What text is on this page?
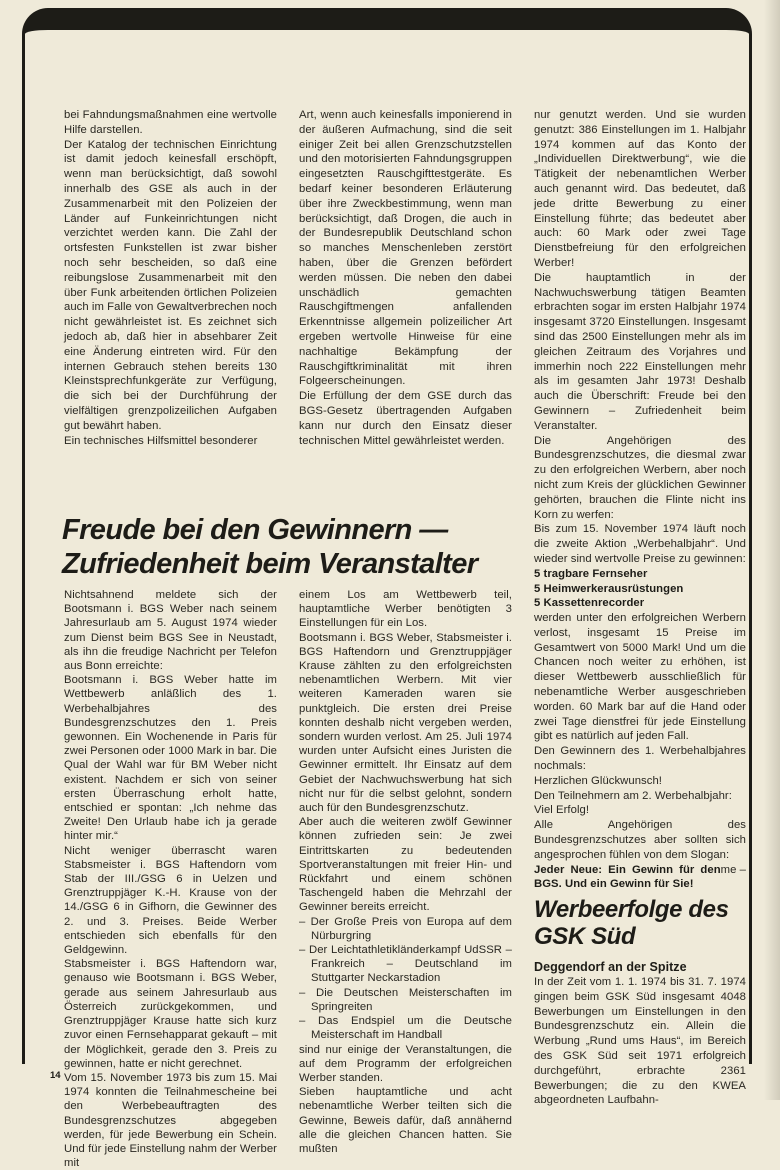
bei Fahndungsmaßnahmen eine wertvolle Hilfe darstellen.

Der Katalog der technischen Einrichtung ist damit jedoch keinesfall erschöpft, wenn man berücksichtigt, daß sowohl innerhalb des GSE als auch in der Zusammenarbeit mit den Polizeien der Länder auf Funkeinrichtungen nicht verzichtet werden kann. Die Zahl der ortsfesten Funkstellen ist zwar bisher noch sehr bescheiden, so daß eine reibungslose Zusammenarbeit mit den über Funk arbeitenden örtlichen Polizeien auch im Falle von Gewaltverbrechen noch nicht gewährleistet ist. Es zeichnet sich jedoch ab, daß hier in absehbarer Zeit eine Änderung eintreten wird. Für den internen Gebrauch stehen bereits 130 Kleinstsprechfunkgeräte zur Verfügung, die sich bei der Durchführung der vielfältigen grenzpolizeilichen Aufgaben gut bewährt haben.

Ein technisches Hilfsmittel besonderer

Art, wenn auch keinesfalls imponierend in der äußeren Aufmachung, sind die seit einiger Zeit bei allen Grenzschutzstellen und den motorisierten Fahndungsgruppen eingesetzten Rauschgifttestgeräte. Es bedarf keiner besonderen Erläuterung über ihre Zweckbestimmung, wenn man berücksichtigt, daß Drogen, die auch in der Bundesrepublik Deutschland schon so manches Menschenleben zerstört haben, über die Grenzen befördert werden müssen. Die neben den dabei unschädlich gemachten Rauschgiftmengen anfallenden Erkenntnisse allgemein polizeilicher Art ergeben wertvolle Hinweise für eine nachhaltige Bekämpfung der Rauschgiftkriminalität mit ihren Folgeerscheinungen.

Die Erfüllung der dem GSE durch das BGS-Gesetz übertragenden Aufgaben kann nur durch den Einsatz dieser technischen Mittel gewährleistet werden.

nur genutzt werden. Und sie wurden genutzt: 386 Einstellungen im 1. Halbjahr 1974 kommen auf das Konto der „Individuellen Direktwerbung“, wie die Tätigkeit der nebenamtlichen Werber auch genannt wird. Das bedeutet, daß jede dritte Bewerbung zu einer Einstellung führte; das bedeutet aber auch: 60 Mark oder zwei Tage Dienstbefreiung für den erfolgreichen Werber!

Die hauptamtlich in der Nachwuchswerbung tätigen Beamten erbrachten sogar im ersten Halbjahr 1974 insgesamt 3720 Einstellungen. Insgesamt sind das 2500 Einstellungen mehr als im gleichen Zeitraum des Vorjahres und immerhin noch 222 Einstellungen mehr als im gesamten Jahr 1973! Deshalb auch die Überschrift: Freude bei den Gewinnern – Zufriedenheit beim Veranstalter.

Die Angehörigen des Bundesgrenzschutzes, die diesmal zwar zu den erfolgreichen Werbern, aber noch nicht zum Kreis der glücklichen Gewinner gehörten, brauchen die Flinte nicht ins Korn zu werfen:

Bis zum 15. November 1974 läuft noch die zweite Aktion „Werbehalbjahr“. Und wieder sind wertvolle Preise zu gewinnen:

5 tragbare Fernseher

5 Heimwerkerausrüstungen

5 Kassettenrecorder

werden unter den erfolgreichen Werbern verlost, insgesamt 15 Preise im Gesamtwert von 5000 Mark! Und um die Chancen noch weiter zu erhöhen, ist dieser Wettbewerb ausschließlich für nebenamtliche Werber ausgeschrieben worden. 60 Mark bar auf die Hand oder zwei Tage dienstfrei für jede Einstellung gibt es natürlich auf jeden Fall.

Den Gewinnern des 1. Werbehalbjahres nochmals:

Herzlichen Glückwunsch!

Den Teilnehmern am 2. Werbehalbjahr:

Viel Erfolg!

Alle Angehörigen des Bundesgrenzschutzes aber sollten sich angesprochen fühlen von dem Slogan:

me –
Jeder Neue: Ein Gewinn für den BGS. Und ein Gewinn für Sie!

Freude bei den Gewinnern —
Zufriedenheit beim Veranstalter

Nichtsahnend meldete sich der Bootsmann i. BGS Weber nach seinem Jahresurlaub am 5. August 1974 wieder zum Dienst beim BGS See in Neustadt, als ihn die freudige Nachricht per Telefon aus Bonn erreichte:

Bootsmann i. BGS Weber hatte im Wettbewerb anläßlich des 1. Werbehalbjahres des Bundesgrenzschutzes den 1. Preis gewonnen. Ein Wochenende in Paris für zwei Personen oder 1000 Mark in bar. Die Qual der Wahl war für BM Weber nicht existent. Nachdem er sich von seiner ersten Überraschung erholt hatte, entschied er spontan: „Ich nehme das Zweite! Den Urlaub habe ich ja gerade hinter mir.“

Nicht weniger überrascht waren Stabsmeister i. BGS Haftendorn vom Stab der III./GSG 6 in Uelzen und Grenztruppjäger K.-H. Krause von der 14./GSG 6 in Gifhorn, die Gewinner des 2. und 3. Preises. Beide Werber entschieden sich ebenfalls für den Geldgewinn.

Stabsmeister i. BGS Haftendorn war, genauso wie Bootsmann i. BGS Weber, gerade aus seinem Jahresurlaub aus Österreich zurückgekommen, und Grenztruppjäger Krause hatte sich kurz zuvor einen Fernsehapparat gekauft – mit der Möglichkeit, gerade den 3. Preis zu gewinnen, hatte er nicht gerechnet.

Vom 15. November 1973 bis zum 15. Mai 1974 konnten die Teilnahmescheine bei den Werbebeauftragten des Bundesgrenzschutzes abgegeben werden, für jede Bewerbung ein Schein. Und für jede Einstellung nahm der Werber mit

einem Los am Wettbewerb teil, hauptamtliche Werber benötigten 3 Einstellungen für ein Los.

Bootsmann i. BGS Weber, Stabsmeister i. BGS Haftendorn und Grenztruppjäger Krause zählten zu den erfolgreichsten nebenamtlichen Werbern. Mit vier weiteren Kameraden waren sie punktgleich. Die ersten drei Preise konnten deshalb nicht vergeben werden, sondern wurden verlost. Am 25. Juli 1974 wurden unter Aufsicht eines Juristen die Gewinner ermittelt. Ihr Einsatz auf dem Gebiet der Nachwuchswerbung hat sich nicht nur für die selbst gelohnt, sondern auch für den Bundesgrenzschutz.

Aber auch die weiteren zwölf Gewinner können zufrieden sein: Je zwei Eintrittskarten zu bedeutenden Sportveranstaltungen mit freier Hin- und Rückfahrt und einem schönen Taschengeld haben die Mehrzahl der Gewinner bereits erreicht.

– Der Große Preis von Europa auf dem Nürburgring

– Der Leichtathletikländerkampf UdSSR – Frankreich – Deutschland im Stuttgarter Neckarstadion

– Die Deutschen Meisterschaften im Springreiten

– Das Endspiel um die Deutsche Meisterschaft im Handball

sind nur einige der Veranstaltungen, die auf dem Programm der erfolgreichen Werber standen.

Sieben hauptamtliche und acht nebenamtliche Werber teilten sich die Gewinne, Beweis dafür, daß annähernd alle die gleichen Chancen hatten. Sie mußten

Werbeerfolge des
GSK Süd

Deggendorf an der Spitze

In der Zeit vom 1. 1. 1974 bis 31. 7. 1974 gingen beim GSK Süd insgesamt 4048 Bewerbungen um Einstellungen in den Bundesgrenzschutz ein. Allein die Werbung „Rund ums Haus“, im Bereich des GSK Süd seit 1971 erfolgreich durchgeführt, erbrachte 2361 Bewerbungen; die zu den KWEA abgeordneten Laufbahn-

14
